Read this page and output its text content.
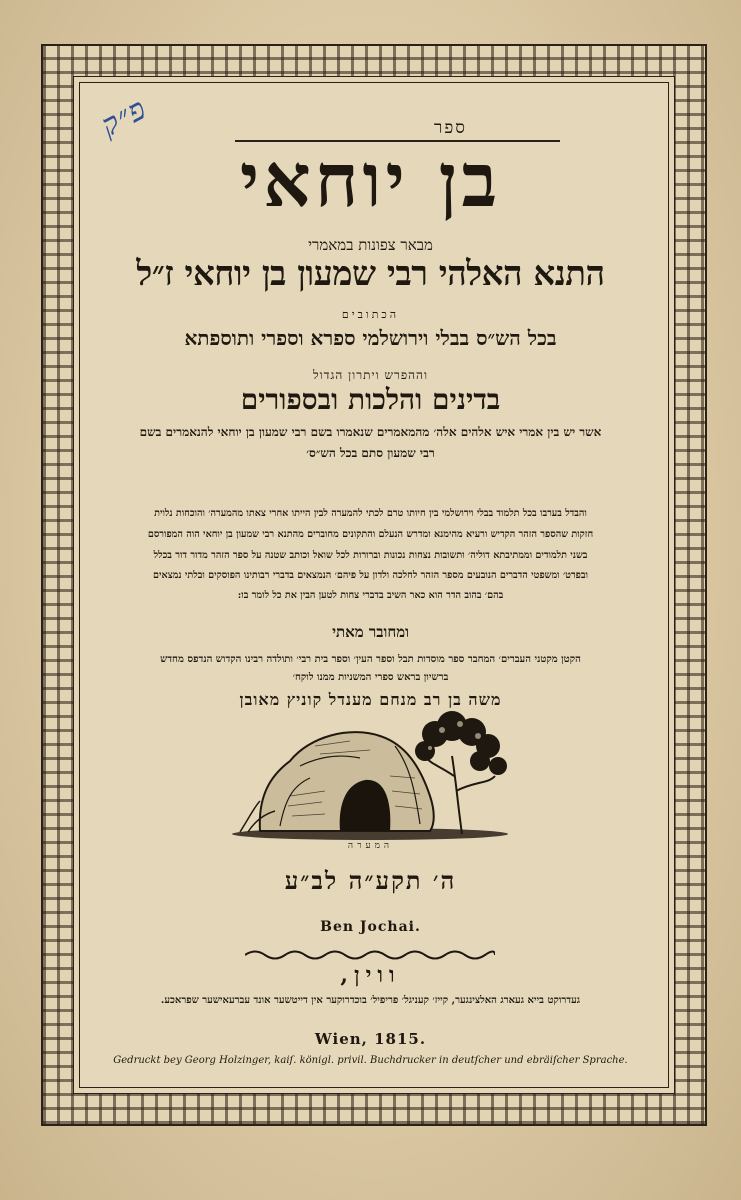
פ״ק	ספר
בן יוחאי
מבאר צפונות במאמרי
התנא האלהי רבי שמעון בן יוחאי ז״ל
הכתובים
בכל הש״ס בבלי וירושלמי ספרא וספרי ותוספתא
וההפרש ויתרון הגדול
בדינים והלכות ובספורים
אשר יש בין אמרי איש אלהים אלה׳ מהמאמרים שנאמרו בשם רבי שמעון בן יוחאי להנאמרים בשם
רבי שמעון סתם בכל הש״ס׳
והבדל בערבו בכל תלמוד בבלי וירושלמי בין חיותו טרם לכתי להמערה לבין הייתו אחרי צאתו מהמערה׳ והוכחות נלוית
חזקות שהספר הזהר הקדיש ורעיא מהימנא ומדרש הנעלם והתקונים מחוברים מהתנא רבי שמעון בן יוחאי הוה המפורסם
בשני תלמודים וממתיבתא דוליה׳ ותשובות נצחות נכונות וברורות לכל שואל וכותב שטנה על ספר הזהר מדור דור בכלל
ובפרט׳ ומשפטי הדברים הנובעים מספר הזהר לחלכה ולדון על פיהם׳ הנמצאים בדברי רבותינו הפוסקים ובלתי נמצאים
בהם׳ בהוב הדר הוא כאר השיב בדברי צחות לטען הבין את כל לומר בו:
ומחובר מאתי
הקטן מקטני העברים׳ המחבר ספר מוסדות תבל וספר העין׳ וספר בית רבי׳ ותולדה רבינו הקדוש הנדפס מחדש
ברשיון בראש ספרי המשניות ממנו לוקח׳
משה בן רב מנחם מענדל קוניץ מאובן
המערה
ה׳ תקע״ה לב״ע
Ben Jochai.
ווין,
געדרוקט בייא געארג האלצינגער, קייז׳ קעניגל׳ פריפיל׳ בוכדרוקער אין דייטשער אונד עברעאישער שפראכע.
Wien, 1815.
Gedruckt bey Georg Holzinger, kaiſ. königl. privil. Buchdrucker in deutſcher und ebräiſcher Sprache.
